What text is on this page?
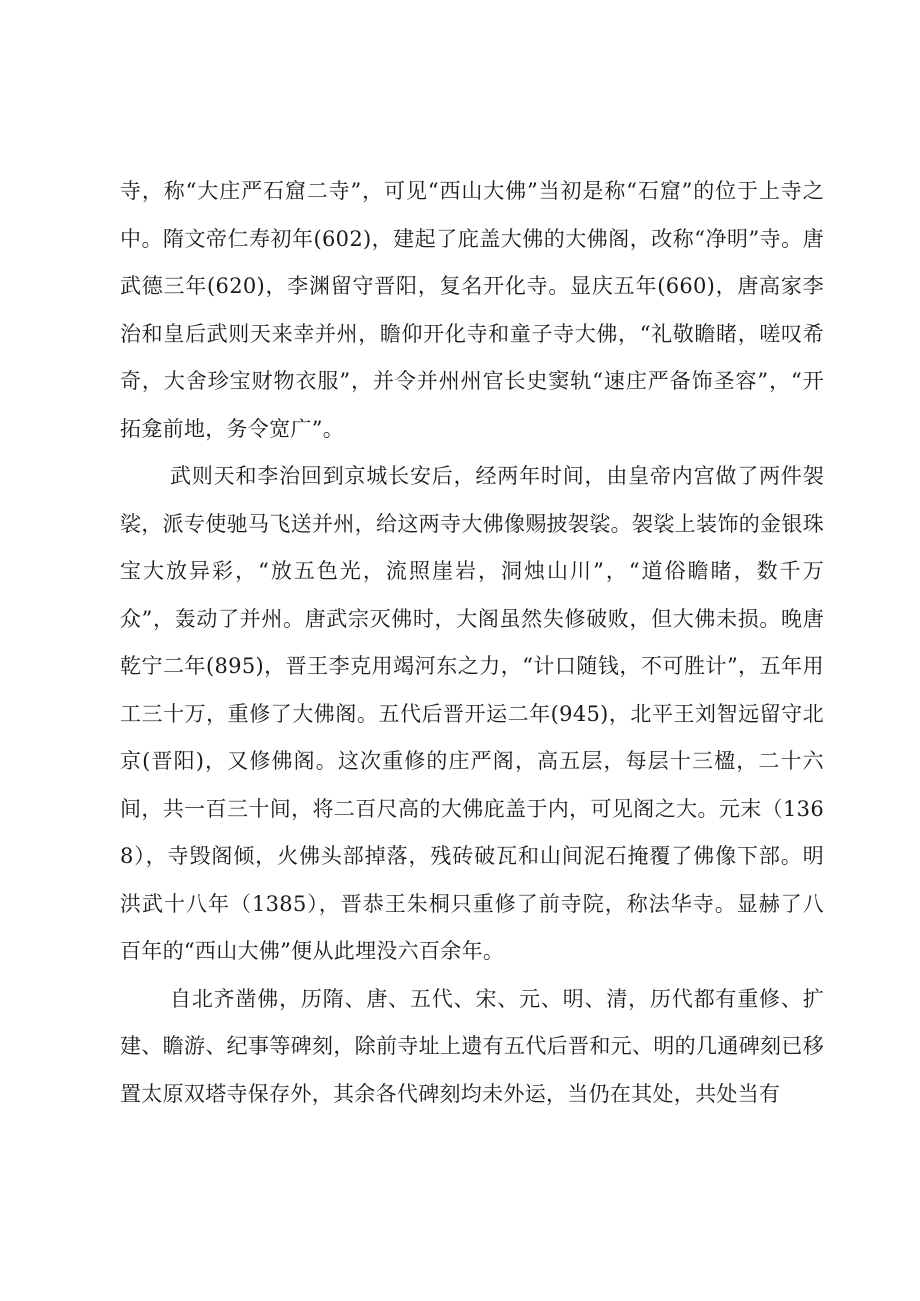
寺，称“大庄严石窟二寺”，可见“西山大佛”当初是称“石窟”的位于上寺之中。隋文帝仁寿初年(602)，建起了庇盖大佛的大佛阁，改称“净明”寺。唐武德三年(620)，李渊留守晋阳，复名开化寺。显庆五年(660)，唐高家李治和皇后武则天来幸并州，瞻仰开化寺和童子寺大佛，“礼敬瞻睹，嗟叹希奇，大舍珍宝财物衣服”，并令并州州官长史窦轨“速庄严备饰圣容”，“开拓龛前地，务令宽广”。

武则天和李治回到京城长安后，经两年时间，由皇帝内宫做了两件袈裟，派专使驰马飞送并州，给这两寺大佛像赐披袈裟。袈裟上装饰的金银珠宝大放异彩，“放五色光，流照崖岩，洞烛山川”，“道俗瞻睹，数千万众”，轰动了并州。唐武宗灭佛时，大阁虽然失修破败，但大佛未损。晚唐乾宁二年(895)，晋王李克用竭河东之力，“计口随钱，不可胜计”，五年用工三十万，重修了大佛阁。五代后晋开运二年(945)，北平王刘智远留守北京(晋阳)，又修佛阁。这次重修的庄严阁，高五层，每层十三楹，二十六间，共一百三十间，将二百尺高的大佛庇盖于内，可见阁之大。元末（1368），寺毁阁倾，火佛头部掉落，残砖破瓦和山间泥石掩覆了佛像下部。明洪武十八年（1385），晋恭王朱桐只重修了前寺院，称法华寺。显赫了八百年的“西山大佛”便从此埋没六百余年。

自北齐凿佛，历隋、唐、五代、宋、元、明、清，历代都有重修、扩建、瞻游、纪事等碑刻，除前寺址上遗有五代后晋和元、明的几通碑刻已移置太原双塔寺保存外，其余各代碑刻均未外运，当仍在其处，共处当有
